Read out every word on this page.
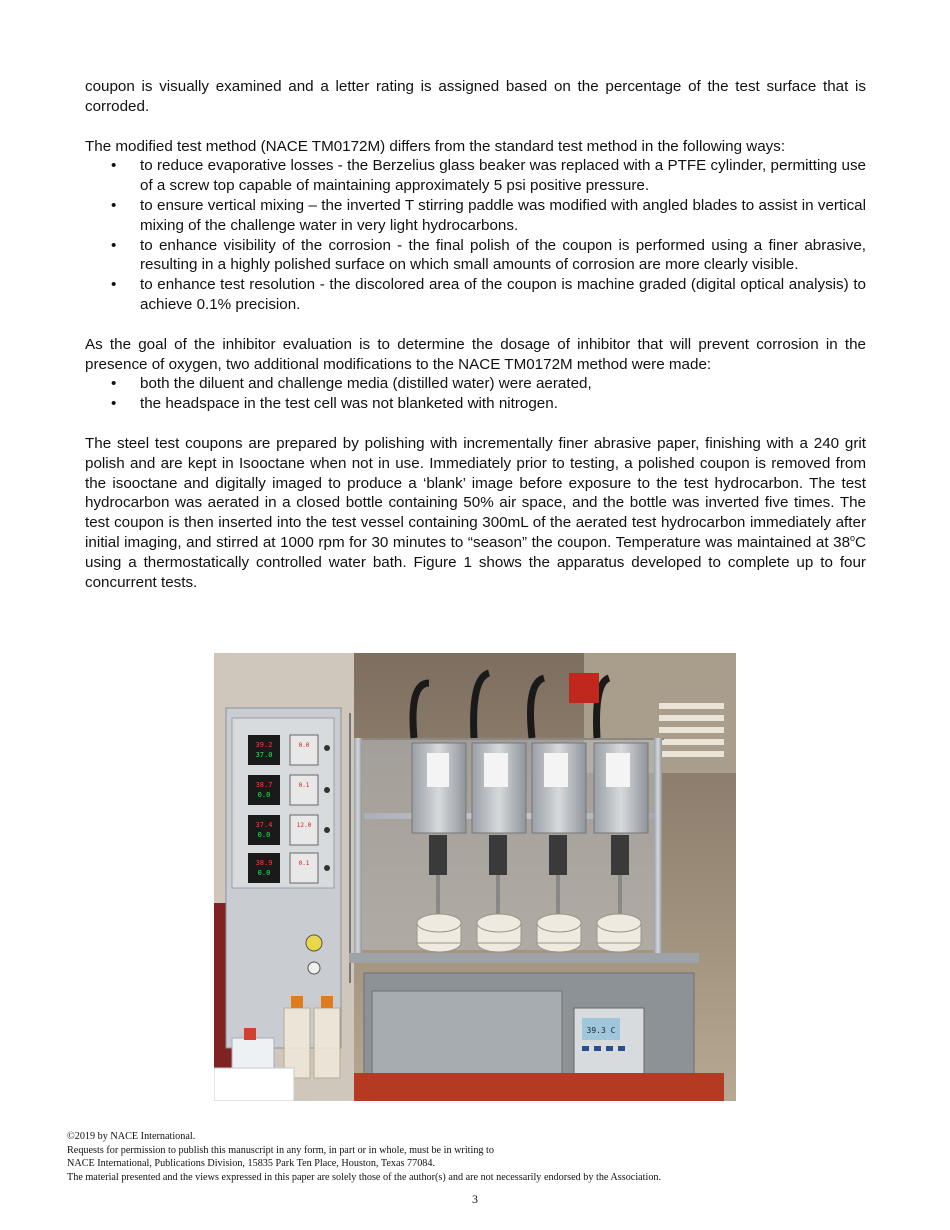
coupon is visually examined and a letter rating is assigned based on the percentage of the test surface that is corroded.

The modified test method (NACE TM0172M) differs from the standard test method in the following ways:

• to reduce evaporative losses - the Berzelius glass beaker was replaced with a PTFE cylinder, permitting use of a screw top capable of maintaining approximately 5 psi positive pressure.
• to ensure vertical mixing – the inverted T stirring paddle was modified with angled blades to assist in vertical mixing of the challenge water in very light hydrocarbons.
• to enhance visibility of the corrosion - the final polish of the coupon is performed using a finer abrasive, resulting in a highly polished surface on which small amounts of corrosion are more clearly visible.
• to enhance test resolution - the discolored area of the coupon is machine graded (digital optical analysis) to achieve 0.1% precision.

As the goal of the inhibitor evaluation is to determine the dosage of inhibitor that will prevent corrosion in the presence of oxygen, two additional modifications to the NACE TM0172M method were made:

• both the diluent and challenge media (distilled water) were aerated,
• the headspace in the test cell was not blanketed with nitrogen.

The steel test coupons are prepared by polishing with incrementally finer abrasive paper, finishing with a 240 grit polish and are kept in Isooctane when not in use. Immediately prior to testing, a polished coupon is removed from the isooctane and digitally imaged to produce a ‘blank’ image before exposure to the test hydrocarbon. The test hydrocarbon was aerated in a closed bottle containing 50% air space, and the bottle was inverted five times. The test coupon is then inserted into the test vessel containing 300mL of the aerated test hydrocarbon immediately after initial imaging, and stirred at 1000 rpm for 30 minutes to “season” the coupon. Temperature was maintained at 38$^o$C using a thermostatically controlled water bath. Figure 1 shows the apparatus developed to complete up to four concurrent tests.

39.2
37.0
0.0
38.7
0.0
0.1
37.4
0.0
12.0
38.9
0.0
0.1
39.3 C
©2019 by NACE International.
Requests for permission to publish this manuscript in any form, in part or in whole, must be in writing to
NACE International, Publications Division, 15835 Park Ten Place, Houston, Texas 77084.
The material presented and the views expressed in this paper are solely those of the author(s) and are not necessarily endorsed by the Association.
3
